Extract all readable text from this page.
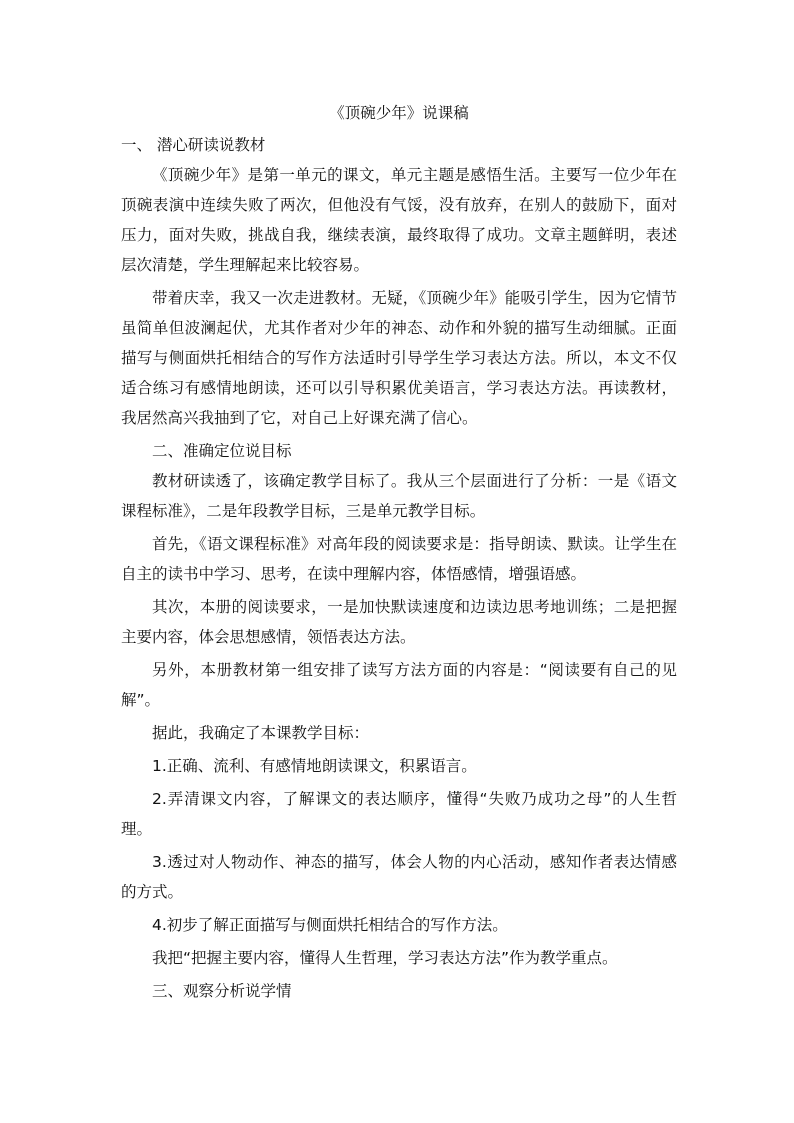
《顶碗少年》说课稿

一、 潜心研读说教材

《顶碗少年》是第一单元的课文，单元主题是感悟生活。主要写一位少年在顶碗表演中连续失败了两次，但他没有气馁，没有放弃，在别人的鼓励下，面对压力，面对失败，挑战自我，继续表演，最终取得了成功。文章主题鲜明，表述层次清楚，学生理解起来比较容易。

带着庆幸，我又一次走进教材。无疑，《顶碗少年》能吸引学生，因为它情节虽简单但波澜起伏，尤其作者对少年的神态、动作和外貌的描写生动细腻。正面描写与侧面烘托相结合的写作方法适时引导学生学习表达方法。所以，本文不仅适合练习有感情地朗读，还可以引导积累优美语言，学习表达方法。再读教材，我居然高兴我抽到了它，对自己上好课充满了信心。

二、准确定位说目标

教材研读透了，该确定教学目标了。我从三个层面进行了分析：一是《语文课程标准》，二是年段教学目标，三是单元教学目标。

首先，《语文课程标准》对高年段的阅读要求是：指导朗读、默读。让学生在自主的读书中学习、思考，在读中理解内容，体悟感情，增强语感。

其次，本册的阅读要求，一是加快默读速度和边读边思考地训练；二是把握主要内容，体会思想感情，领悟表达方法。

另外，本册教材第一组安排了读写方法方面的内容是：“阅读要有自己的见解”。

据此，我确定了本课教学目标：

1.正确、流利、有感情地朗读课文，积累语言。

2.弄清课文内容，了解课文的表达顺序，懂得“失败乃成功之母”的人生哲理。

3.透过对人物动作、神态的描写，体会人物的内心活动，感知作者表达情感的方式。

4.初步了解正面描写与侧面烘托相结合的写作方法。

我把“把握主要内容，懂得人生哲理，学习表达方法”作为教学重点。

三、观察分析说学情
